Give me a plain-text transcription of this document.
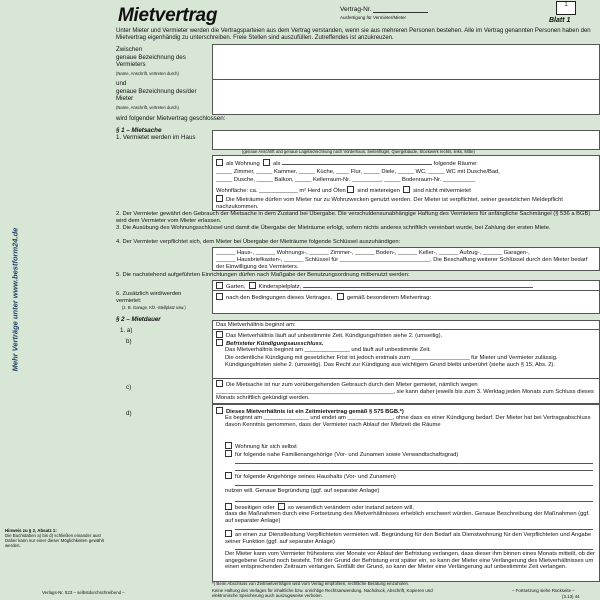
Mehr Verträge unter www.bestform24.de
Mietvertrag	Vertrag-Nr.
Ausfertigung für Vermieter/Mieter
1
Blatt 1
Unter Mieter und Vermieter werden die Vertragsparteien aus dem Vertrag verstanden, wenn sie aus mehreren Personen bestehen. Alle im Vertrag genannten Personen haben den Mietvertrag eigenhändig zu unterschreiben. Freie Stellen sind auszufüllen. Zutreffendes ist anzukreuzen.
Zwischen
genaue Bezeichnung des Vermieters
(Name, Anschrift, vertreten durch)
und
genaue Bezeichnung des/der Mieter
(Name, Anschrift, vertreten durch)
wird folgender Mietvertrag geschlossen:
§ 1 – Mietsache
1. Vermietet werden im Haus
(genaue Anschrift und genaue Lagebezeichnung nach Vorderhaus, Seitenflügel, Quergebäude, Stockwerk rechts, links, Mitte)
als Wohnung als	folgende Räume:
_____ Zimmer, _____ Kammer, _____ Küche, ____ Flur, _____ Diele, _____ WC, _____ WC mit Dusche/Bad,
_____ Dusche, _____ Balkon, _____ Kellerraum-Nr. _________, _____ Bodenraum-Nr. __________
Wohnfläche: ca. ____________ m² Herd und Öfen sind mietereigen sind nicht mitvermietet
Die Mieträume dürfen vom Mieter nur zu Wohnzwecken genutzt werden. Der Mieter ist verpflichtet, seiner gesetzlichen Meldepflicht nachzukommen.
2. Der Vermieter gewährt den Gebrauch der Mietsache in dem Zustand bei Übergabe. Die verschuldensunabhängige Haftung des Vermieters für anfängliche Sachmängel (§ 536 a BGB) wird dem Vermieter vom Mieter erlassen.
3. Die Ausübung des Wohnungsschlüssel und damit die Übergabe der Mieträume erfolgt, sofern nichts anderes schriftlich vereinbart wurde, bei Zahlung der ersten Miete.
4. Der Vermieter verpflichtet sich, dem Mieter bei Übergabe der Mieträume folgende Schlüssel auszuhändigen:
______ Haus-, ______ Wohnungs-, ______ Zimmer-, ______ Boden-, ______ Keller-, ______ Aufzug-, ______ Garagen-,
______ Hausbriefkasten-, ______ Schlüssel für ____________________________. Die Beschaffung weiterer Schlüssel durch den Mieter bedarf der Einwilligung des Vermieters.
5. Die nachstehend aufgeführten Einrichtungen dürfen nach Maßgabe der Benutzungsordnung mitbenutzt werden:
Garten, Kinderspielplatz,
6. Zusätzlich wird/werden vermietet:
(z. B. Garage, Kfz.-Stellplatz usw.)
nach den Bedingungen dieses Vertrages,	gemäß besonderem Mietvertrag:
§ 2 – Mietdauer
1. a)
Das Mietverhältnis beginnt am:
b)
Das Mietverhältnis läuft auf unbestimmte Zeit. Kündigungsfristen siehe 2. (umseitig).
Befristeter Kündigungsausschluss.
Das Mietverhältnis beginnt am ______________ und läuft auf unbestimmte Zeit.
Die ordentliche Kündigung mit gesetzlicher Frist ist jedoch erstmals zum __________________ für Mieter und Vermieter zulässig. Kündigungsfristen siehe 2. (umseitig). Das Recht zur Kündigung aus wichtigem Grund bleibt unberührt (siehe auch § 15, Abs. 2).
c)	Die Mietsache ist nur zum vorübergehenden Gebrauch durch den Mieter gemietet, nämlich wegen _______________________________________________________, sie kann daher jeweils bis zum 3. Werktag jeden Monats zum Schluss dieses Monats schriftlich gekündigt werden.
d)	Dieses Mietverhältnis ist ein Zeitmietvertrag gemäß § 575 BGB.*)
Es beginnt am ______________ und endet am ______________, ohne dass es einer Kündigung bedarf. Der Mieter hat bei Vertragsabschluss davon Kenntnis genommen, dass der Vermieter nach Ablauf der Mietzeit die Räume
Wohnung für sich selbst
für folgende nahe Familienangehörige (Vor- und Zunamen sowie Verwandtschaftsgrad)
für folgende Angehörige seines Haushalts (Vor- und Zunamen)
nutzen will. Genaue Begründung (ggf. auf separater Anlage)
beseitigen oder so wesentlich verändern oder instand setzen will,
dass die Maßnahmen durch eine Fortsetzung des Mietverhältnisses erheblich erschwert würden. Genaue Beschreibung der Maßnahmen (ggf. auf separater Anlage)
an einen zur Dienstleistung Verpflichteten vermieten will. Begründung für den Bedarf als Dienstwohnung für den Verpflichteten und Angabe seiner Funktion (ggf. auf separater Anlage)
Der Mieter kann vom Vermieter frühestens vier Monate vor Ablauf der Befristung verlangen, dass dieser ihm binnen eines Monats mitteilt, ob der angegebene Grund noch besteht. Tritt der Grund der Befristung erst später ein, so kann der Mieter eine Verlängerung des Mietverhältnisses um einen entsprechenden Zeitraum verlangen. Entfällt der Grund, so kann der Mieter eine Verlängerung auf unbestimmte Zeit verlangen.
Hinweis zu § 2, Absatz 1:
Die Buchstaben a) bis d) schließen einander aus! Daher kann nur einer dieser Möglichkeiten gewählt werden.
*) Beim Abschluss von Zeitmietverträgen wird vom Verlag empfohlen, rechtliche Beratung einzuholen.
Verlags-Nr. 523 – selbstdurchschreibend –	Keine Haftung des Verlages für inhaltliche bzw. unrichtige Rechtsanwendung. Nachdruck, Abschrift, Kopieren und elektronische Speicherung auch auszugsweise verboten.
– Fortsetzung siehe Rückseite –
(3.13) 44
